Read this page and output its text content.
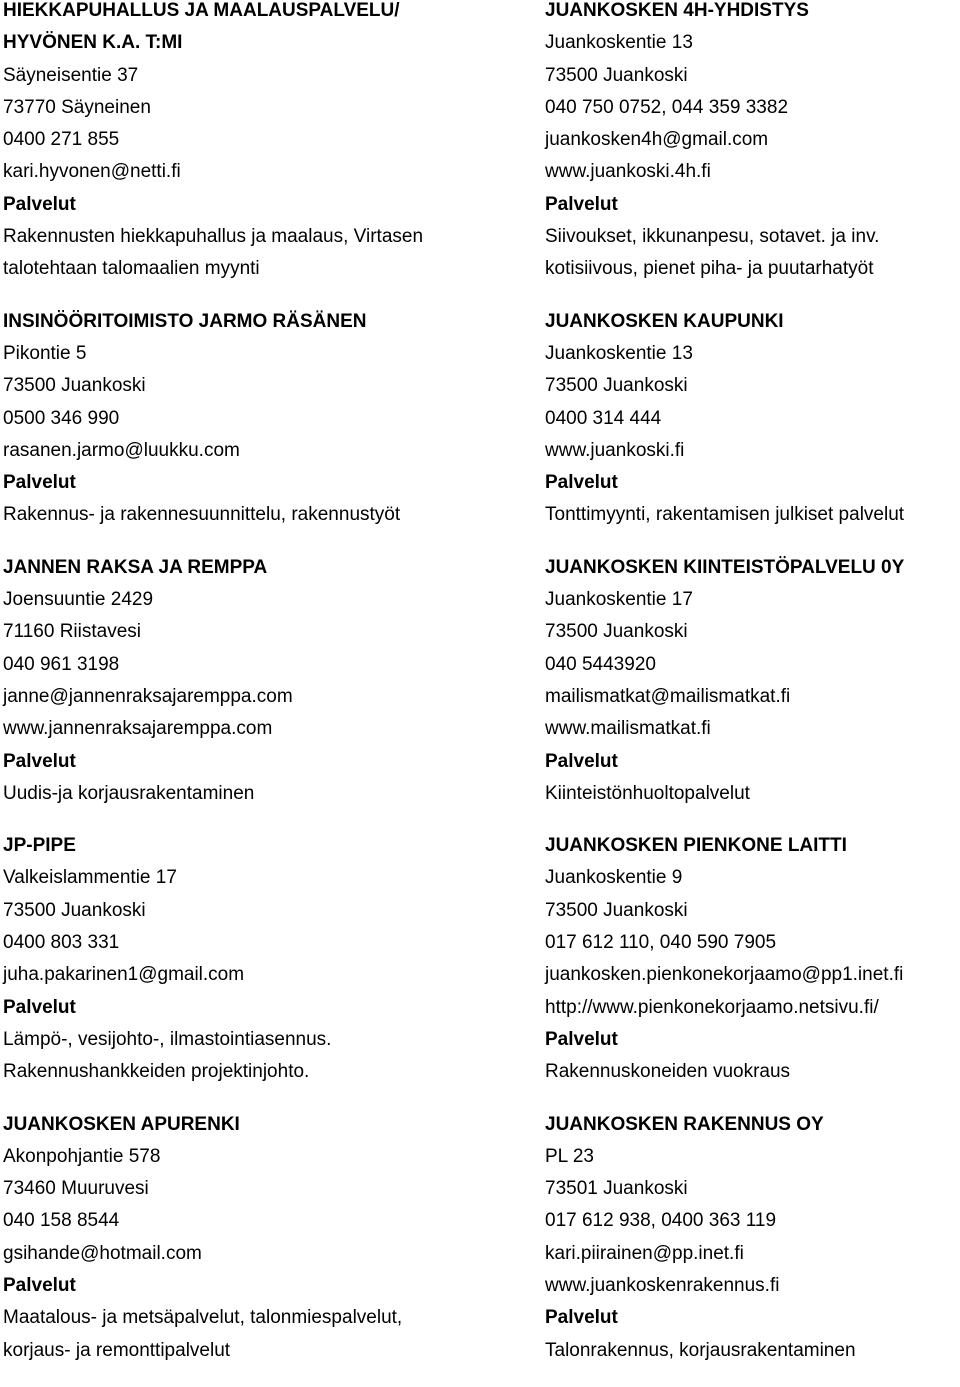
HIEKKAPUHALLUS JA MAALAUSPALVELU/
HYVÖNEN K.A. T:MI
Säyneisentie 37
73770 Säyneinen
0400 271 855
kari.hyvonen@netti.fi
Palvelut
Rakennusten hiekkapuhallus ja maalaus, Virtasen
talotehtaan talomaalien myynti
INSINÖÖRITOIMISTO JARMO RÄSÄNEN
Pikontie 5
73500 Juankoski
0500 346 990
rasanen.jarmo@luukku.com
Palvelut
Rakennus- ja rakennesuunnittelu, rakennustyöt
JANNEN RAKSA JA REMPPA
Joensuuntie 2429
71160 Riistavesi
040 961 3198
janne@jannenraksajaremppa.com
www.jannenraksajaremppa.com
Palvelut
Uudis-ja korjausrakentaminen
JP-PIPE
Valkeislammentie 17
73500 Juankoski
0400 803 331
juha.pakarinen1@gmail.com
Palvelut
Lämpö-, vesijohto-, ilmastointiasennus.
Rakennushankkeiden projektinjohto.
JUANKOSKEN APURENKI
Akonpohjantie 578
73460 Muuruvesi
040 158 8544
gsihande@hotmail.com
Palvelut
Maatalous- ja metsäpalvelut, talonmiespalvelut,
korjaus- ja remonttipalvelut
JUANKOSKEN 4H-YHDISTYS
Juankoskentie 13
73500 Juankoski
040 750 0752, 044 359 3382
juankosken4h@gmail.com
www.juankoski.4h.fi
Palvelut
Siivoukset, ikkunanpesu, sotavet. ja inv.
kotisiivous, pienet piha- ja puutarhatyöt
JUANKOSKEN KAUPUNKI
Juankoskentie 13
73500 Juankoski
0400 314 444
www.juankoski.fi
Palvelut
Tonttimyynti, rakentamisen julkiset palvelut
JUANKOSKEN KIINTEISTÖPALVELU 0Y
Juankoskentie 17
73500 Juankoski
040 5443920
mailismatkat@mailismatkat.fi
www.mailismatkat.fi
Palvelut
Kiinteistönhuoltopalvelut
JUANKOSKEN PIENKONE LAITTI
Juankoskentie 9
73500 Juankoski
017 612 110, 040 590 7905
juankosken.pienkonekorjaamo@pp1.inet.fi
http://www.pienkonekorjaamo.netsivu.fi/
Palvelut
Rakennuskoneiden vuokraus
JUANKOSKEN RAKENNUS OY
PL 23
73501 Juankoski
017 612 938, 0400 363 119
kari.piirainen@pp.inet.fi
www.juankoskenrakennus.fi
Palvelut
Talonrakennus, korjausrakentaminen
